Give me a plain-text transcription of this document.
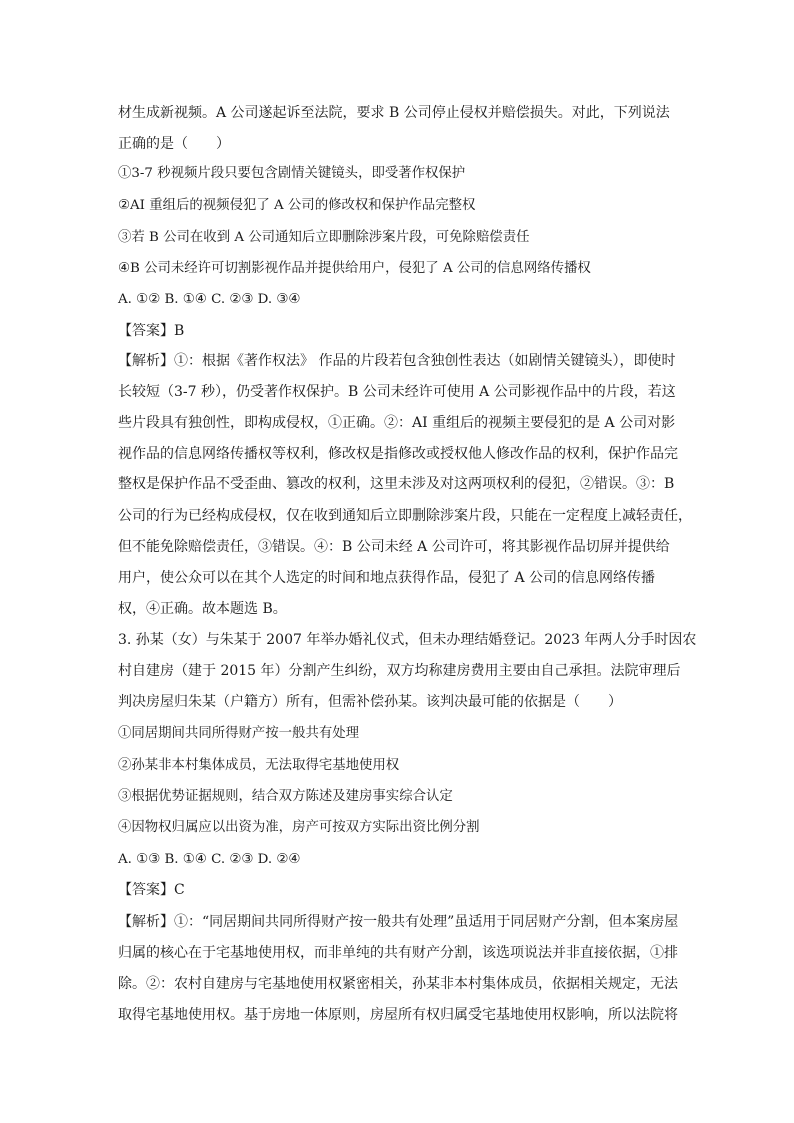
材生成新视频。A 公司遂起诉至法院，要求 B 公司停止侵权并赔偿损失。对此，下列说法
正确的是（　　）
①3-7 秒视频片段只要包含剧情关键镜头，即受著作权保护
②AI 重组后的视频侵犯了 A 公司的修改权和保护作品完整权
③若 B 公司在收到 A 公司通知后立即删除涉案片段，可免除赔偿责任
④B 公司未经许可切割影视作品并提供给用户，侵犯了 A 公司的信息网络传播权
A. ①② B. ①④ C. ②③ D. ③④
【答案】B
【解析】①：根据《著作权法》 作品的片段若包含独创性表达（如剧情关键镜头），即使时
长较短（3-7 秒），仍受著作权保护。B 公司未经许可使用 A 公司影视作品中的片段，若这
些片段具有独创性，即构成侵权，①正确。②：AI 重组后的视频主要侵犯的是 A 公司对影
视作品的信息网络传播权等权利，修改权是指修改或授权他人修改作品的权利，保护作品完
整权是保护作品不受歪曲、篡改的权利，这里未涉及对这两项权利的侵犯，②错误。③：B
公司的行为已经构成侵权，仅在收到通知后立即删除涉案片段，只能在一定程度上减轻责任，
但不能免除赔偿责任，③错误。④：B 公司未经 A 公司许可，将其影视作品切屏并提供给
用户，使公众可以在其个人选定的时间和地点获得作品，侵犯了 A 公司的信息网络传播
权，④正确。故本题选 B。
3. 孙某（女）与朱某于 2007 年举办婚礼仪式，但未办理结婚登记。2023 年两人分手时因农
村自建房（建于 2015 年）分割产生纠纷，双方均称建房费用主要由自己承担。法院审理后
判决房屋归朱某（户籍方）所有，但需补偿孙某。该判决最可能的依据是（　　）
①同居期间共同所得财产按一般共有处理
②孙某非本村集体成员，无法取得宅基地使用权
③根据优势证据规则，结合双方陈述及建房事实综合认定
④因物权归属应以出资为准，房产可按双方实际出资比例分割
A. ①③ B. ①④ C. ②③ D. ②④
【答案】C
【解析】①：“同居期间共同所得财产按一般共有处理”虽适用于同居财产分割，但本案房屋
归属的核心在于宅基地使用权，而非单纯的共有财产分割，该选项说法并非直接依据，①排
除。②：农村自建房与宅基地使用权紧密相关，孙某非本村集体成员，依据相关规定，无法
取得宅基地使用权。基于房地一体原则，房屋所有权归属受宅基地使用权影响，所以法院将
